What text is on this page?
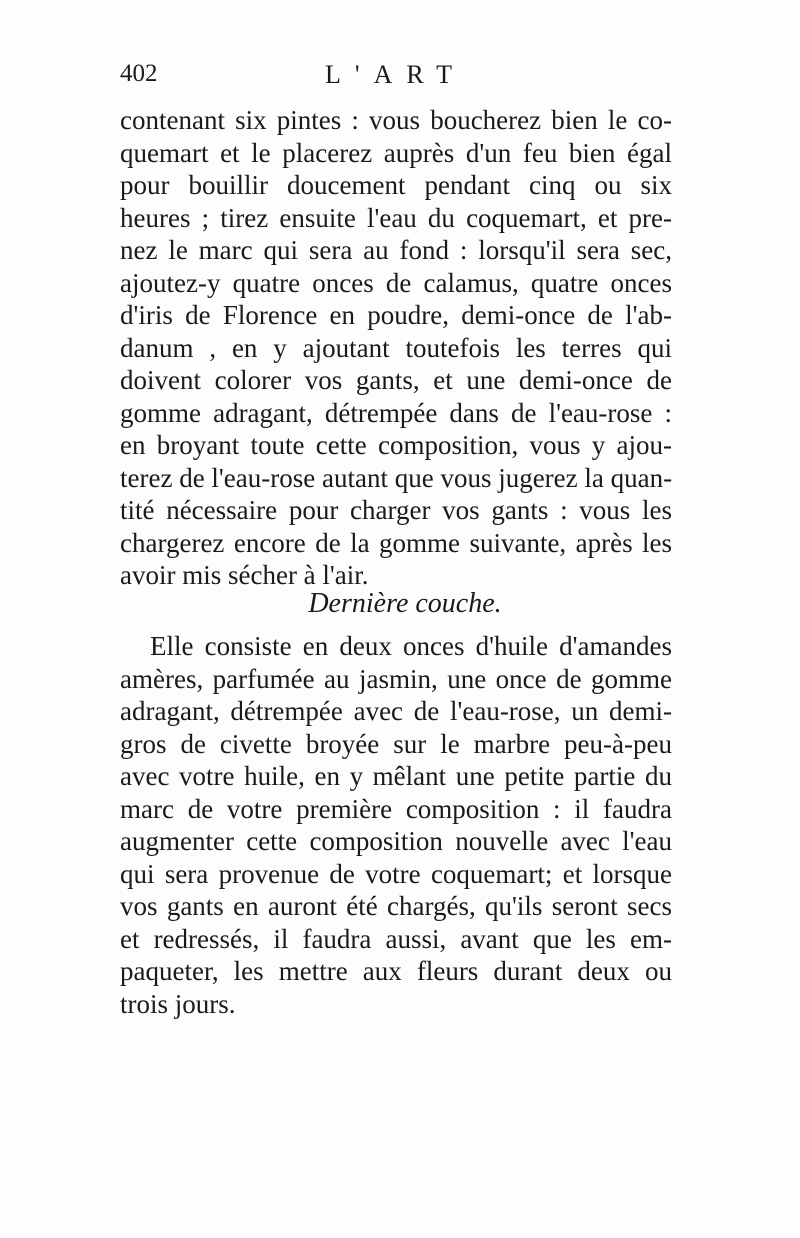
402	L'ART
contenant six pintes : vous boucherez bien le co-
quemart et le placerez auprès d'un feu bien égal
pour bouillir doucement pendant cinq ou six
heures ; tirez ensuite l'eau du coquemart, et pre-
nez le marc qui sera au fond : lorsqu'il sera sec,
ajoutez-y quatre onces de calamus, quatre onces
d'iris de Florence en poudre, demi-once de l'ab-
danum , en y ajoutant toutefois les terres qui
doivent colorer vos gants, et une demi-once de
gomme adragant, détrempée dans de l'eau-rose :
en broyant toute cette composition, vous y ajou-
terez de l'eau-rose autant que vous jugerez la quan-
tité nécessaire pour charger vos gants : vous les
chargerez encore de la gomme suivante, après les
avoir mis sécher à l'air.
Dernière couche.
Elle consiste en deux onces d'huile d'amandes
amères, parfumée au jasmin, une once de gomme
adragant, détrempée avec de l'eau-rose, un demi-
gros de civette broyée sur le marbre peu-à-peu
avec votre huile, en y mêlant une petite partie du
marc de votre première composition : il faudra
augmenter cette composition nouvelle avec l'eau
qui sera provenue de votre coquemart; et lorsque
vos gants en auront été chargés, qu'ils seront secs
et redressés, il faudra aussi, avant que les em-
paqueter, les mettre aux fleurs durant deux ou
trois jours.
